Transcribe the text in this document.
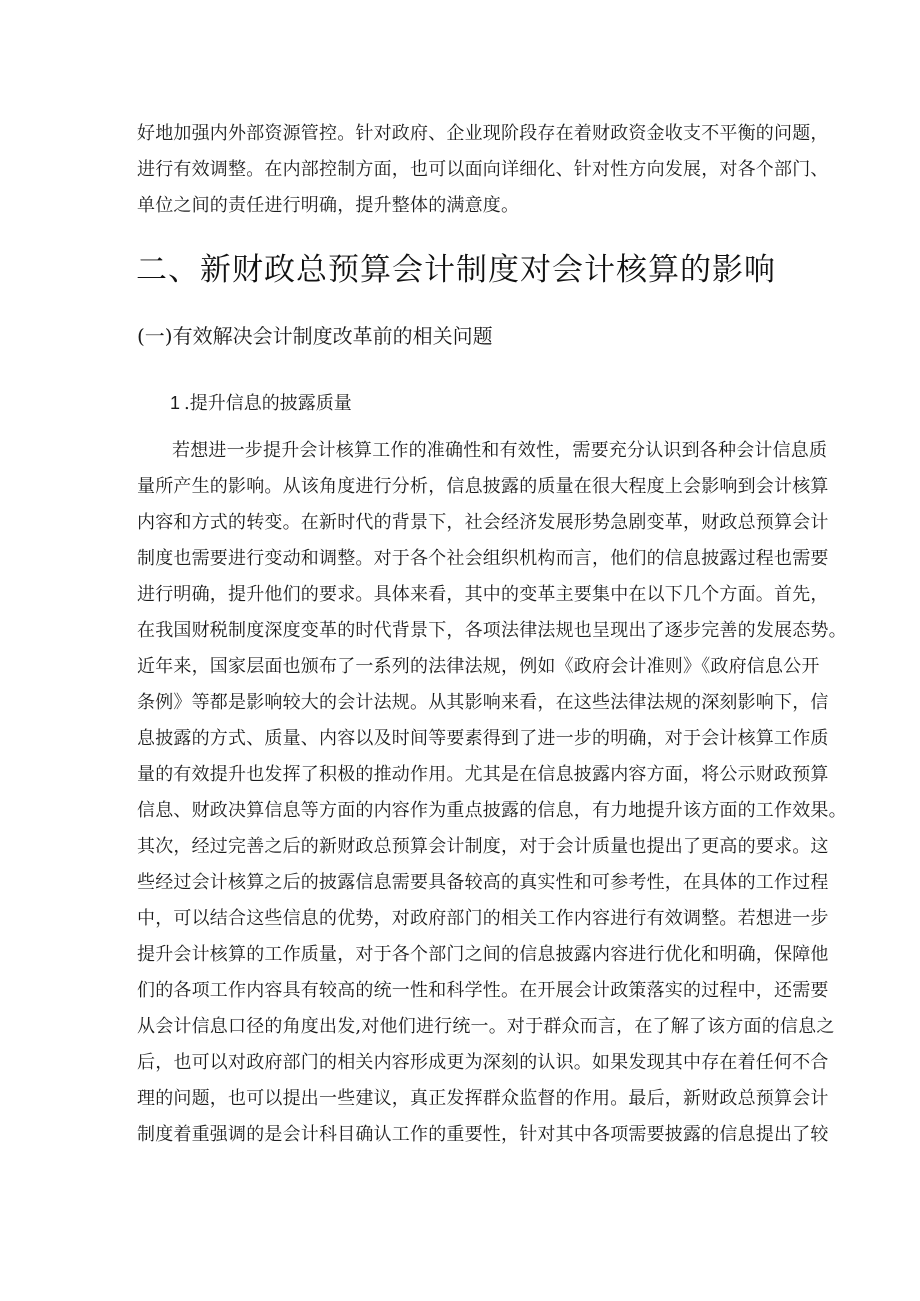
好地加强内外部资源管控。针对政府、企业现阶段存在着财政资金收支不平衡的问题，
进行有效调整。在内部控制方面，也可以面向详细化、针对性方向发展，对各个部门、
单位之间的责任进行明确，提升整体的满意度。
二、新财政总预算会计制度对会计核算的影响
(一)有效解决会计制度改革前的相关问题
1 .提升信息的披露质量
若想进一步提升会计核算工作的准确性和有效性，需要充分认识到各种会计信息质
量所产生的影响。从该角度进行分析，信息披露的质量在很大程度上会影响到会计核算
内容和方式的转变。在新时代的背景下，社会经济发展形势急剧变革，财政总预算会计
制度也需要进行变动和调整。对于各个社会组织机构而言，他们的信息披露过程也需要
进行明确，提升他们的要求。具体来看，其中的变革主要集中在以下几个方面。首先，
在我国财税制度深度变革的时代背景下，各项法律法规也呈现出了逐步完善的发展态势。
近年来，国家层面也颁布了一系列的法律法规，例如《政府会计准则》《政府信息公开
条例》等都是影响较大的会计法规。从其影响来看，在这些法律法规的深刻影响下，信
息披露的方式、质量、内容以及时间等要素得到了进一步的明确，对于会计核算工作质
量的有效提升也发挥了积极的推动作用。尤其是在信息披露内容方面，将公示财政预算
信息、财政决算信息等方面的内容作为重点披露的信息，有力地提升该方面的工作效果。
其次，经过完善之后的新财政总预算会计制度，对于会计质量也提出了更高的要求。这
些经过会计核算之后的披露信息需要具备较高的真实性和可参考性，在具体的工作过程
中，可以结合这些信息的优势，对政府部门的相关工作内容进行有效调整。若想进一步
提升会计核算的工作质量，对于各个部门之间的信息披露内容进行优化和明确，保障他
们的各项工作内容具有较高的统一性和科学性。在开展会计政策落实的过程中，还需要
从会计信息口径的角度出发,对他们进行统一。对于群众而言，在了解了该方面的信息之
后，也可以对政府部门的相关内容形成更为深刻的认识。如果发现其中存在着任何不合
理的问题，也可以提出一些建议，真正发挥群众监督的作用。最后，新财政总预算会计
制度着重强调的是会计科目确认工作的重要性，针对其中各项需要披露的信息提出了较
